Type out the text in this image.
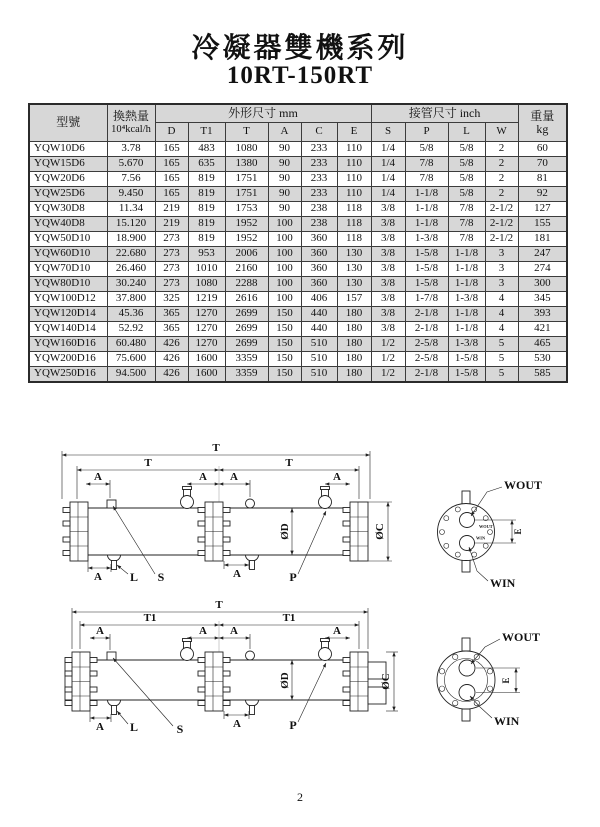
冷凝器雙機系列
10RT-150RT
型號	換熱量
10⁴kcal/h	外形尺寸 mm						接管尺寸 inch				重量
kg

		D	T1	T	A	C	E	S	P	L	W	
YQW10D6	3.78	165	483	1080	90	233	110	1/4	5/8	5/8	2	60
YQW15D6	5.670	165	635	1380	90	233	110	1/4	7/8	5/8	2	70
YQW20D6	7.56	165	819	1751	90	233	110	1/4	7/8	5/8	2	81
YQW25D6	9.450	165	819	1751	90	233	110	1/4	1-1/8	5/8	2	92
YQW30D8	11.34	219	819	1753	90	238	118	3/8	1-1/8	7/8	2-1/2	127
YQW40D8	15.120	219	819	1952	100	238	118	3/8	1-1/8	7/8	2-1/2	155
YQW50D10	18.900	273	819	1952	100	360	118	3/8	1-3/8	7/8	2-1/2	181
YQW60D10	22.680	273	953	2006	100	360	130	3/8	1-5/8	1-1/8	3	247
YQW70D10	26.460	273	1010	2160	100	360	130	3/8	1-5/8	1-1/8	3	274
YQW80D10	30.240	273	1080	2288	100	360	130	3/8	1-5/8	1-1/8	3	300
YQW100D12	37.800	325	1219	2616	100	406	157	3/8	1-7/8	1-3/8	4	345
YQW120D14	45.36	365	1270	2699	150	440	180	3/8	2-1/8	1-1/8	4	393
YQW140D14	52.92	365	1270	2699	150	440	180	3/8	2-1/8	1-1/8	4	421
YQW160D16	60.480	426	1270	2699	150	510	180	1/2	2-5/8	1-3/8	5	465
YQW200D16	75.600	426	1600	3359	150	510	180	1/2	2-5/8	1-5/8	5	530
YQW250D16	94.500	426	1600	3359	150	510	180	1/2	2-1/8	1-5/8	5	585
T
T	T
A	A A	A
ØD	ØC
A	A
L S	P
WOUT
WIN
E
WOUT
WIN
T
T1	T1
A	A A	A
ØD	ØC
A	A
L	S	P
E
WOUT
WIN
2
